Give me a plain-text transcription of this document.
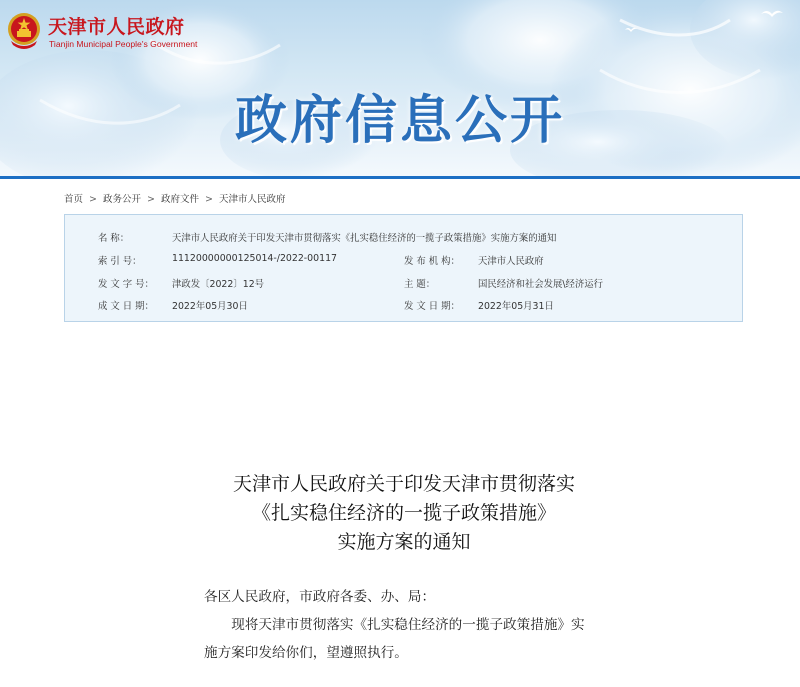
天津市人民政府
Tianjin Municipal People's Government
政府信息公开
首页 > 政务公开 > 政府文件 > 天津市人民政府
名 称：	天津市人民政府关于印发天津市贯彻落实《扎实稳住经济的一揽子政策措施》实施方案的通知
索 引 号：	11120000000125014-/2022-00117	发 布 机 构： 天津市人民政府
发 文 字 号： 津政发〔2022〕12号	主 题：	国民经济和社会发展\经济运行
成 文 日 期： 2022年05月30日	发 文 日 期： 2022年05月31日
天津市人民政府关于印发天津市贯彻落实
《扎实稳住经济的一揽子政策措施》
实施方案的通知

各区人民政府，市政府各委、办、局：

现将天津市贯彻落实《扎实稳住经济的一揽子政策措施》实

施方案印发给你们，望遵照执行。
